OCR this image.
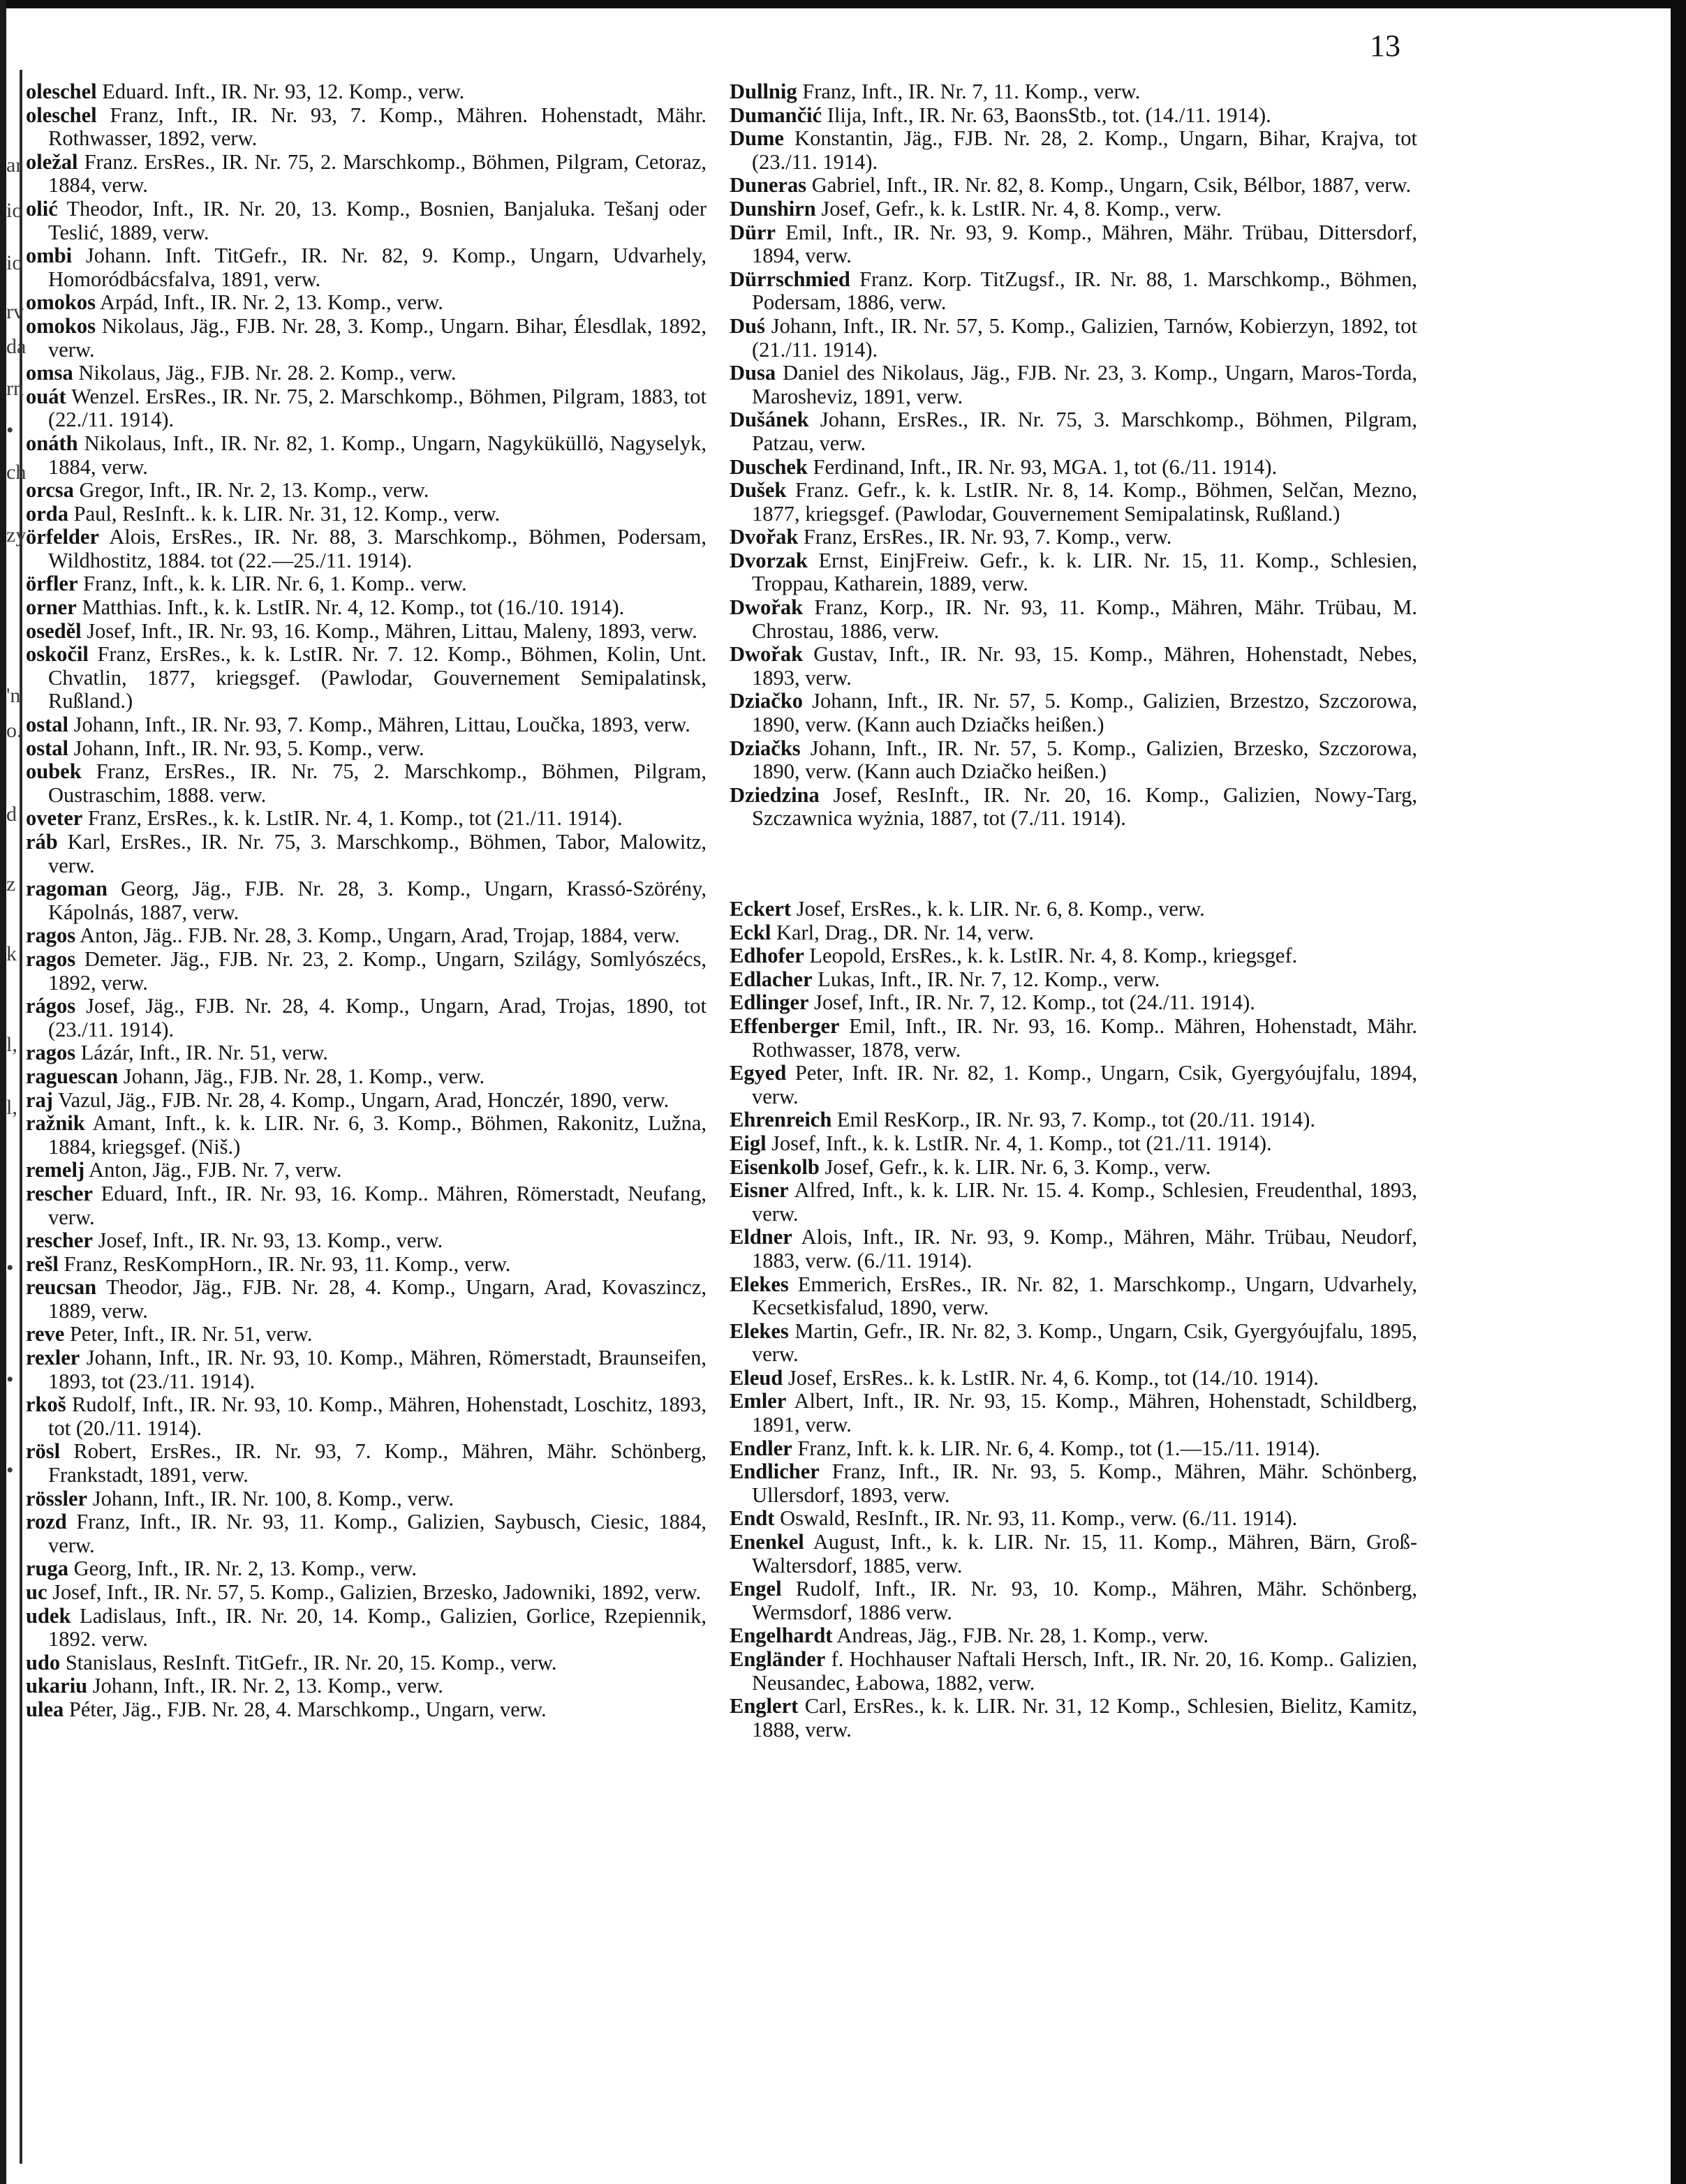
ar
io
io
rv
da
rn
•
ch
zy
'n
o.
d
z
k
l,
l,
•
•
•
13

oleschel Eduard. Inft., IR. Nr. 93, 12. Komp., verw.

oleschel Franz, Inft., IR. Nr. 93, 7. Komp., Mähren. Hohenstadt, Mähr. Rothwasser, 1892, verw.

oležal Franz. ErsRes., IR. Nr. 75, 2. Marschkomp., Böhmen, Pilgram, Cetoraz, 1884, verw.

olić Theodor, Inft., IR. Nr. 20, 13. Komp., Bosnien, Banjaluka. Tešanj oder Teslić, 1889, verw.

ombi Johann. Inft. TitGefr., IR. Nr. 82, 9. Komp., Ungarn, Udvarhely, Homoródbácsfalva, 1891, verw.

omokos Arpád, Inft., IR. Nr. 2, 13. Komp., verw.

omokos Nikolaus, Jäg., FJB. Nr. 28, 3. Komp., Ungarn. Bihar, Élesdlak, 1892, verw.

omsa Nikolaus, Jäg., FJB. Nr. 28. 2. Komp., verw.

ouát Wenzel. ErsRes., IR. Nr. 75, 2. Marschkomp., Böhmen, Pilgram, 1883, tot (22./11. 1914).

onáth Nikolaus, Inft., IR. Nr. 82, 1. Komp., Ungarn, Nagyküküllö, Nagyselyk, 1884, verw.

orcsa Gregor, Inft., IR. Nr. 2, 13. Komp., verw.

orda Paul, ResInft.. k. k. LIR. Nr. 31, 12. Komp., verw.

örfelder Alois, ErsRes., IR. Nr. 88, 3. Marschkomp., Böhmen, Podersam, Wildhostitz, 1884. tot (22.—25./11. 1914).

örfler Franz, Inft., k. k. LIR. Nr. 6, 1. Komp.. verw.

orner Matthias. Inft., k. k. LstIR. Nr. 4, 12. Komp., tot (16./10. 1914).

oseděl Josef, Inft., IR. Nr. 93, 16. Komp., Mähren, Littau, Maleny, 1893, verw.

oskočil Franz, ErsRes., k. k. LstIR. Nr. 7. 12. Komp., Böhmen, Kolin, Unt. Chvatlin, 1877, kriegsgef. (Pawlodar, Gouvernement Semipalatinsk, Rußland.)

ostal Johann, Inft., IR. Nr. 93, 7. Komp., Mähren, Littau, Loučka, 1893, verw.

ostal Johann, Inft., IR. Nr. 93, 5. Komp., verw.

oubek Franz, ErsRes., IR. Nr. 75, 2. Marschkomp., Böhmen, Pilgram, Oustraschim, 1888. verw.

oveter Franz, ErsRes., k. k. LstIR. Nr. 4, 1. Komp., tot (21./11. 1914).

ráb Karl, ErsRes., IR. Nr. 75, 3. Marschkomp., Böhmen, Tabor, Malowitz, verw.

ragoman Georg, Jäg., FJB. Nr. 28, 3. Komp., Ungarn, Krassó-Szörény, Kápolnás, 1887, verw.

ragos Anton, Jäg.. FJB. Nr. 28, 3. Komp., Ungarn, Arad, Trojap, 1884, verw.

ragos Demeter. Jäg., FJB. Nr. 23, 2. Komp., Ungarn, Szilágy, Somlyószécs, 1892, verw.

rágos Josef, Jäg., FJB. Nr. 28, 4. Komp., Ungarn, Arad, Trojas, 1890, tot (23./11. 1914).

ragos Lázár, Inft., IR. Nr. 51, verw.

raguescan Johann, Jäg., FJB. Nr. 28, 1. Komp., verw.

raj Vazul, Jäg., FJB. Nr. 28, 4. Komp., Ungarn, Arad, Honczér, 1890, verw.

ražnik Amant, Inft., k. k. LIR. Nr. 6, 3. Komp., Böhmen, Rakonitz, Lužna, 1884, kriegsgef. (Niš.)

remelj Anton, Jäg., FJB. Nr. 7, verw.

rescher Eduard, Inft., IR. Nr. 93, 16. Komp.. Mähren, Römerstadt, Neufang, verw.

rescher Josef, Inft., IR. Nr. 93, 13. Komp., verw.

rešl Franz, ResKompHorn., IR. Nr. 93, 11. Komp., verw.

reucsan Theodor, Jäg., FJB. Nr. 28, 4. Komp., Ungarn, Arad, Kovaszincz, 1889, verw.

reve Peter, Inft., IR. Nr. 51, verw.

rexler Johann, Inft., IR. Nr. 93, 10. Komp., Mähren, Römerstadt, Braunseifen, 1893, tot (23./11. 1914).

rkoš Rudolf, Inft., IR. Nr. 93, 10. Komp., Mähren, Hohenstadt, Loschitz, 1893, tot (20./11. 1914).

rösl Robert, ErsRes., IR. Nr. 93, 7. Komp., Mähren, Mähr. Schönberg, Frankstadt, 1891, verw.

rössler Johann, Inft., IR. Nr. 100, 8. Komp., verw.

rozd Franz, Inft., IR. Nr. 93, 11. Komp., Galizien, Saybusch, Ciesic, 1884, verw.

ruga Georg, Inft., IR. Nr. 2, 13. Komp., verw.

uc Josef, Inft., IR. Nr. 57, 5. Komp., Galizien, Brzesko, Jadowniki, 1892, verw.

udek Ladislaus, Inft., IR. Nr. 20, 14. Komp., Galizien, Gorlice, Rzepiennik, 1892. verw.

udo Stanislaus, ResInft. TitGefr., IR. Nr. 20, 15. Komp., verw.

ukariu Johann, Inft., IR. Nr. 2, 13. Komp., verw.

ulea Péter, Jäg., FJB. Nr. 28, 4. Marschkomp., Ungarn, verw.

Dullnig Franz, Inft., IR. Nr. 7, 11. Komp., verw.

Dumančić Ilija, Inft., IR. Nr. 63, BaonsStb., tot. (14./11. 1914).

Dume Konstantin, Jäg., FJB. Nr. 28, 2. Komp., Ungarn, Bihar, Krajva, tot (23./11. 1914).

Duneras Gabriel, Inft., IR. Nr. 82, 8. Komp., Ungarn, Csik, Bélbor, 1887, verw.

Dunshirn Josef, Gefr., k. k. LstIR. Nr. 4, 8. Komp., verw.

Dürr Emil, Inft., IR. Nr. 93, 9. Komp., Mähren, Mähr. Trübau, Dittersdorf, 1894, verw.

Dürrschmied Franz. Korp. TitZugsf., IR. Nr. 88, 1. Marschkomp., Böhmen, Podersam, 1886, verw.

Duś Johann, Inft., IR. Nr. 57, 5. Komp., Galizien, Tarnów, Kobierzyn, 1892, tot (21./11. 1914).

Dusa Daniel des Nikolaus, Jäg., FJB. Nr. 23, 3. Komp., Ungarn, Maros-Torda, Marosheviz, 1891, verw.

Dušánek Johann, ErsRes., IR. Nr. 75, 3. Marschkomp., Böhmen, Pilgram, Patzau, verw.

Duschek Ferdinand, Inft., IR. Nr. 93, MGA. 1, tot (6./11. 1914).

Dušek Franz. Gefr., k. k. LstIR. Nr. 8, 14. Komp., Böhmen, Selčan, Mezno, 1877, kriegsgef. (Pawlodar, Gouvernement Semipalatinsk, Rußland.)

Dvořak Franz, ErsRes., IR. Nr. 93, 7. Komp., verw.

Dvorzak Ernst, EinjFreiw. Gefr., k. k. LIR. Nr. 15, 11. Komp., Schlesien, Troppau, Katharein, 1889, verw.

Dwořak Franz, Korp., IR. Nr. 93, 11. Komp., Mähren, Mähr. Trübau, M. Chrostau, 1886, verw.

Dwořak Gustav, Inft., IR. Nr. 93, 15. Komp., Mähren, Hohenstadt, Nebes, 1893, verw.

Dziačko Johann, Inft., IR. Nr. 57, 5. Komp., Galizien, Brzestzo, Szczorowa, 1890, verw. (Kann auch Dziačks heißen.)

Dziačks Johann, Inft., IR. Nr. 57, 5. Komp., Galizien, Brzesko, Szczorowa, 1890, verw. (Kann auch Dziačko heißen.)

Dziedzina Josef, ResInft., IR. Nr. 20, 16. Komp., Galizien, Nowy-Targ, Szczawnica wyżnia, 1887, tot (7./11. 1914).

Eckert Josef, ErsRes., k. k. LIR. Nr. 6, 8. Komp., verw.

Eckl Karl, Drag., DR. Nr. 14, verw.

Edhofer Leopold, ErsRes., k. k. LstIR. Nr. 4, 8. Komp., kriegsgef.

Edlacher Lukas, Inft., IR. Nr. 7, 12. Komp., verw.

Edlinger Josef, Inft., IR. Nr. 7, 12. Komp., tot (24./11. 1914).

Effenberger Emil, Inft., IR. Nr. 93, 16. Komp.. Mähren, Hohenstadt, Mähr. Rothwasser, 1878, verw.

Egyed Peter, Inft. IR. Nr. 82, 1. Komp., Ungarn, Csik, Gyergyóujfalu, 1894, verw.

Ehrenreich Emil ResKorp., IR. Nr. 93, 7. Komp., tot (20./11. 1914).

Eigl Josef, Inft., k. k. LstIR. Nr. 4, 1. Komp., tot (21./11. 1914).

Eisenkolb Josef, Gefr., k. k. LIR. Nr. 6, 3. Komp., verw.

Eisner Alfred, Inft., k. k. LIR. Nr. 15. 4. Komp., Schlesien, Freudenthal, 1893, verw.

Eldner Alois, Inft., IR. Nr. 93, 9. Komp., Mähren, Mähr. Trübau, Neudorf, 1883, verw. (6./11. 1914).

Elekes Emmerich, ErsRes., IR. Nr. 82, 1. Marschkomp., Ungarn, Udvarhely, Kecsetkisfalud, 1890, verw.

Elekes Martin, Gefr., IR. Nr. 82, 3. Komp., Ungarn, Csik, Gyergyóujfalu, 1895, verw.

Eleud Josef, ErsRes.. k. k. LstIR. Nr. 4, 6. Komp., tot (14./10. 1914).

Emler Albert, Inft., IR. Nr. 93, 15. Komp., Mähren, Hohenstadt, Schildberg, 1891, verw.

Endler Franz, Inft. k. k. LIR. Nr. 6, 4. Komp., tot (1.—15./11. 1914).

Endlicher Franz, Inft., IR. Nr. 93, 5. Komp., Mähren, Mähr. Schönberg, Ullersdorf, 1893, verw.

Endt Oswald, ResInft., IR. Nr. 93, 11. Komp., verw. (6./11. 1914).

Enenkel August, Inft., k. k. LIR. Nr. 15, 11. Komp., Mähren, Bärn, Groß-Waltersdorf, 1885, verw.

Engel Rudolf, Inft., IR. Nr. 93, 10. Komp., Mähren, Mähr. Schönberg, Wermsdorf, 1886 verw.

Engelhardt Andreas, Jäg., FJB. Nr. 28, 1. Komp., verw.

Engländer f. Hochhauser Naftali Hersch, Inft., IR. Nr. 20, 16. Komp.. Galizien, Neusandec, Łabowa, 1882, verw.

Englert Carl, ErsRes., k. k. LIR. Nr. 31, 12 Komp., Schlesien, Bielitz, Kamitz, 1888, verw.
